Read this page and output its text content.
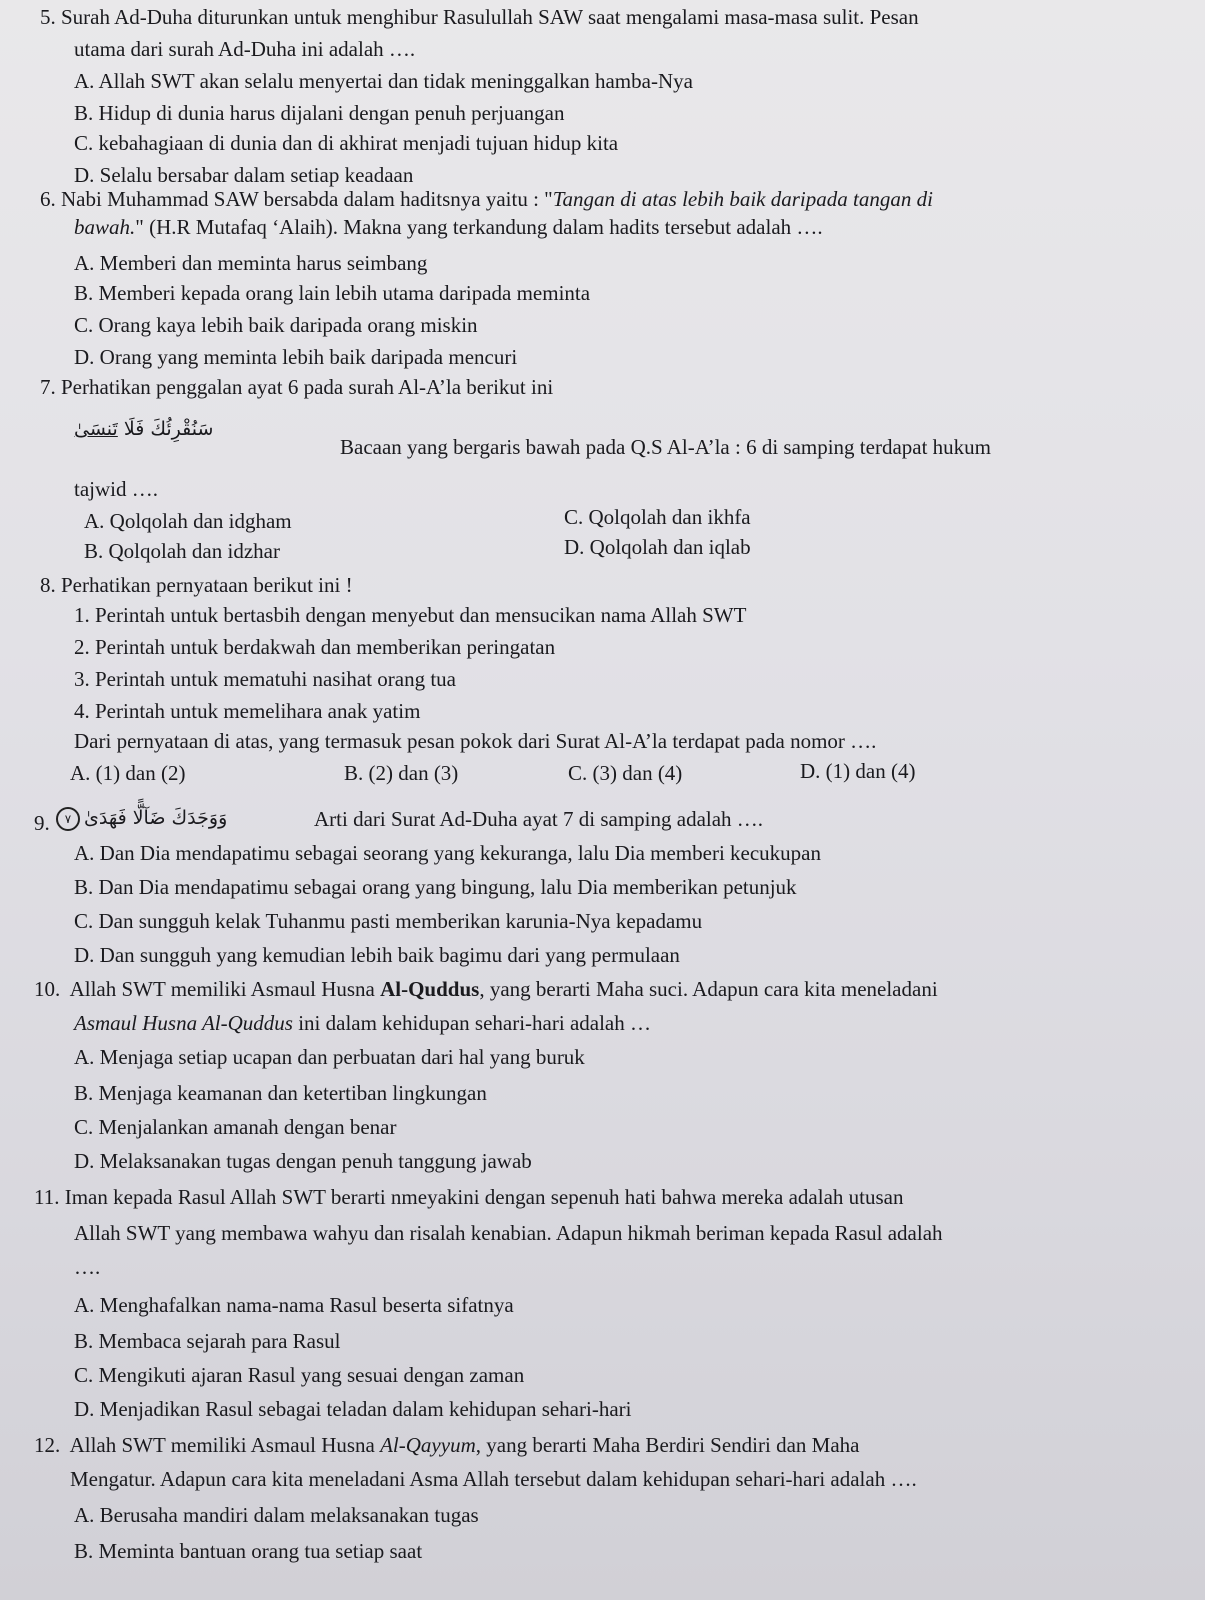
5. Surah Ad-Duha diturunkan untuk menghibur Rasulullah SAW saat mengalami masa-masa sulit. Pesan
utama dari surah Ad-Duha ini adalah ….
A. Allah SWT akan selalu menyertai dan tidak meninggalkan hamba-Nya
B. Hidup di dunia harus dijalani dengan penuh perjuangan
C. kebahagiaan di dunia dan di akhirat menjadi tujuan hidup kita
D. Selalu bersabar dalam setiap keadaan
6. Nabi Muhammad SAW bersabda dalam haditsnya yaitu : "Tangan di atas lebih baik daripada tangan di
bawah." (H.R Mutafaq ‘Alaih). Makna yang terkandung dalam hadits tersebut adalah ….
A. Memberi dan meminta harus seimbang
B. Memberi kepada orang lain lebih utama daripada meminta
C. Orang kaya lebih baik daripada orang miskin
D. Orang yang meminta lebih baik daripada mencuri
7. Perhatikan penggalan ayat 6 pada surah Al-A’la berikut ini
سَنُقْرِئُكَ فَلَا تَنسَىٰ
Bacaan yang bergaris bawah pada Q.S Al-A’la : 6 di samping terdapat hukum
tajwid ….
A. Qolqolah dan idgham
B. Qolqolah dan idzhar
C. Qolqolah dan ikhfa
D. Qolqolah dan iqlab
8. Perhatikan pernyataan berikut ini !
1. Perintah untuk bertasbih dengan menyebut dan mensucikan nama Allah SWT
2. Perintah untuk berdakwah dan memberikan peringatan
3. Perintah untuk mematuhi nasihat orang tua
4. Perintah untuk memelihara anak yatim
Dari pernyataan di atas, yang termasuk pesan pokok dari Surat Al-A’la terdapat pada nomor ….
A. (1) dan (2)	B. (2) dan (3)	C. (3) dan (4)	D. (1) dan (4)
9.	٧ وَوَجَدَكَ ضَآلًّا فَهَدَىٰ	Arti dari Surat Ad-Duha ayat 7 di samping adalah ….
A. Dan Dia mendapatimu sebagai seorang yang kekuranga, lalu Dia memberi kecukupan
B. Dan Dia mendapatimu sebagai orang yang bingung, lalu Dia memberikan petunjuk
C. Dan sungguh kelak Tuhanmu pasti memberikan karunia-Nya kepadamu
D. Dan sungguh yang kemudian lebih baik bagimu dari yang permulaan
10. Allah SWT memiliki Asmaul Husna Al-Quddus, yang berarti Maha suci. Adapun cara kita meneladani
Asmaul Husna Al-Quddus ini dalam kehidupan sehari-hari adalah …
A. Menjaga setiap ucapan dan perbuatan dari hal yang buruk
B. Menjaga keamanan dan ketertiban lingkungan
C. Menjalankan amanah dengan benar
D. Melaksanakan tugas dengan penuh tanggung jawab
11. Iman kepada Rasul Allah SWT berarti nmeyakini dengan sepenuh hati bahwa mereka adalah utusan
Allah SWT yang membawa wahyu dan risalah kenabian. Adapun hikmah beriman kepada Rasul adalah
….
A. Menghafalkan nama-nama Rasul beserta sifatnya
B. Membaca sejarah para Rasul
C. Mengikuti ajaran Rasul yang sesuai dengan zaman
D. Menjadikan Rasul sebagai teladan dalam kehidupan sehari-hari
12. Allah SWT memiliki Asmaul Husna Al-Qayyum, yang berarti Maha Berdiri Sendiri dan Maha
Mengatur. Adapun cara kita meneladani Asma Allah tersebut dalam kehidupan sehari-hari adalah ….
A. Berusaha mandiri dalam melaksanakan tugas
B. Meminta bantuan orang tua setiap saat
